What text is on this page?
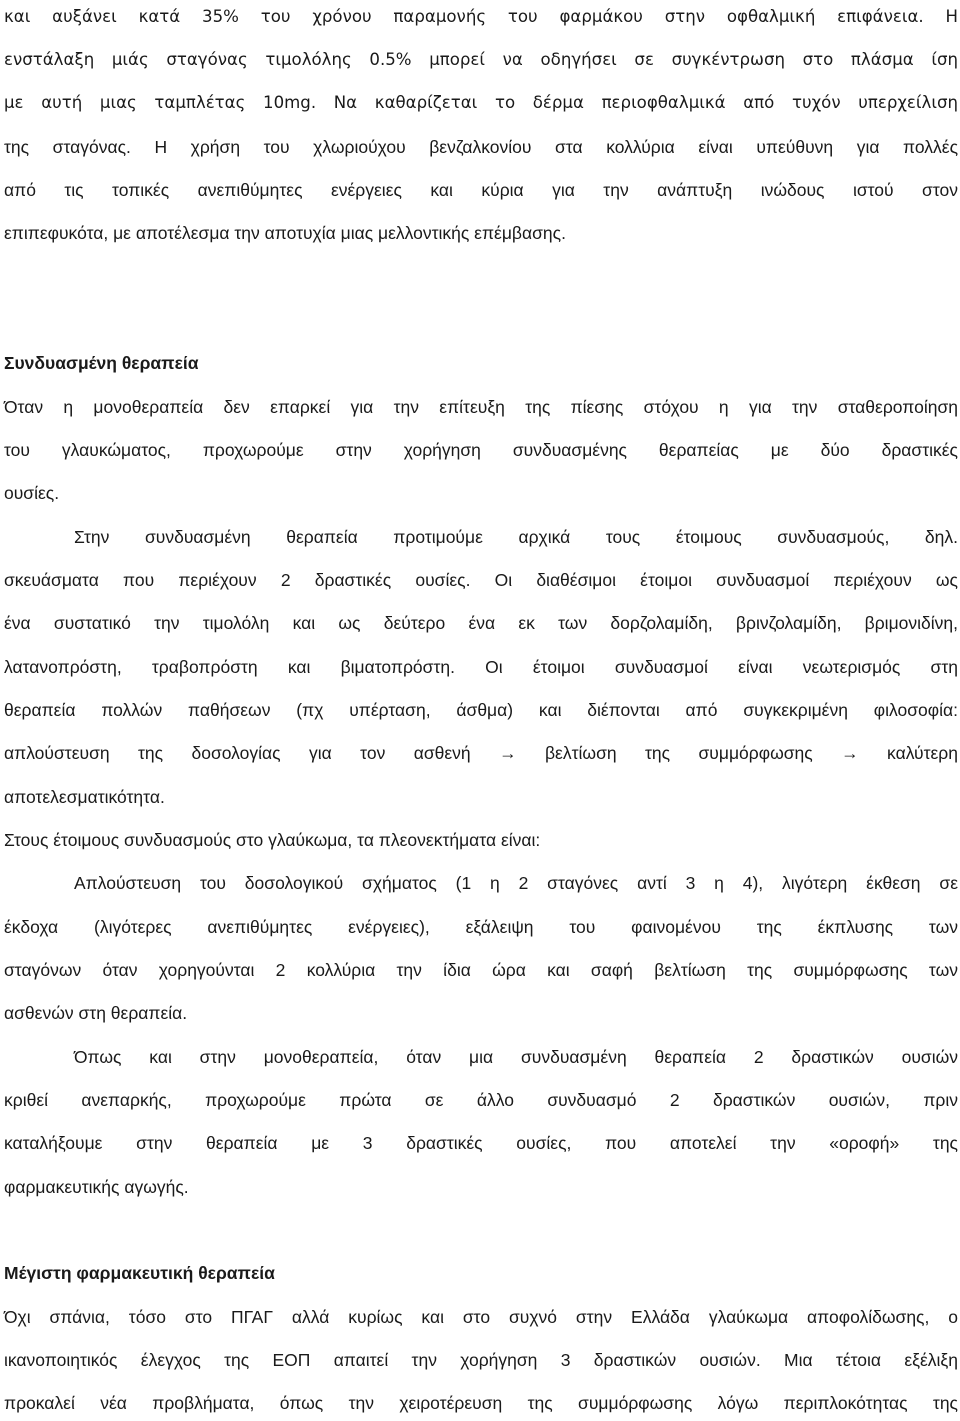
και αυξάνει κατά 35% του χρόνου παραμονής του φαρμάκου στην οφθαλμική επιφάνεια. Η
ενστάλαξη μιάς σταγόνας τιμολόλης 0.5% μπορεί να οδηγήσει σε συγκέντρωση στο πλάσμα ίση
με αυτή μιας ταμπλέτας 10mg. Να καθαρίζεται το δέρμα περιοφθαλμικά από τυχόν υπερχείλιση
της σταγόνας. Η χρήση του χλωριούχου βενζαλκονίου στα κολλύρια είναι υπεύθυνη για πολλές
από τις τοπικές ανεπιθύμητες ενέργειες και κύρια για την ανάπτυξη ινώδους ιστού στον
επιπεφυκότα, με αποτέλεσμα την αποτυχία μιας μελλοντικής επέμβασης.
Συνδυασμένη θεραπεία
Όταν η μονοθεραπεία δεν επαρκεί για την επίτευξη της πίεσης στόχου η για την σταθεροποίηση
του γλαυκώματος, προχωρούμε στην χορήγηση συνδυασμένης θεραπείας με δύο δραστικές
ουσίες.
Στην συνδυασμένη θεραπεία προτιμούμε αρχικά τους έτοιμους συνδυασμούς, δηλ.
σκευάσματα που περιέχουν 2 δραστικές ουσίες. Οι διαθέσιμοι έτοιμοι συνδυασμοί περιέχουν ως
ένα συστατικό την τιμολόλη και ως δεύτερο ένα εκ των δορζολαμίδη, βρινζολαμίδη, βριμονιδίνη,
λατανοπρόστη, τραβοπρόστη και βιματοπρόστη. Οι έτοιμοι συνδυασμοί είναι νεωτερισμός στη
θεραπεία πολλών παθήσεων (πχ υπέρταση, άσθμα) και διέπονται από συγκεκριμένη φιλοσοφία:
απλούστευση της δοσολογίας για τον ασθενή → βελτίωση της συμμόρφωσης → καλύτερη
αποτελεσματικότητα.
Στους έτοιμους συνδυασμούς στο γλαύκωμα, τα πλεονεκτήματα είναι:
Απλούστευση του δοσολογικού σχήματος (1 η 2 σταγόνες αντί 3 η 4), λιγότερη έκθεση σε
έκδοχα (λιγότερες ανεπιθύμητες ενέργειες), εξάλειψη του φαινομένου της έκπλυσης των
σταγόνων όταν χορηγούνται 2 κολλύρια την ίδια ώρα και σαφή βελτίωση της συμμόρφωσης των
ασθενών στη θεραπεία.
Όπως και στην μονοθεραπεία, όταν μια συνδυασμένη θεραπεία 2 δραστικών ουσιών
κριθεί ανεπαρκής, προχωρούμε πρώτα σε άλλο συνδυασμό 2 δραστικών ουσιών, πριν
καταλήξουμε στην θεραπεία με 3 δραστικές ουσίες, που αποτελεί την «οροφή» της
φαρμακευτικής αγωγής.
Μέγιστη φαρμακευτική θεραπεία
Όχι σπάνια, τόσο στο ΠΓΑΓ αλλά κυρίως και στο συχνό στην Ελλάδα γλαύκωμα αποφολίδωσης, ο
ικανοποιητικός έλεγχος της ΕΟΠ απαιτεί την χορήγηση 3 δραστικών ουσιών. Μια τέτοια εξέλιξη
προκαλεί νέα προβλήματα, όπως την χειροτέρευση της συμμόρφωσης λόγω περιπλοκότητας της
